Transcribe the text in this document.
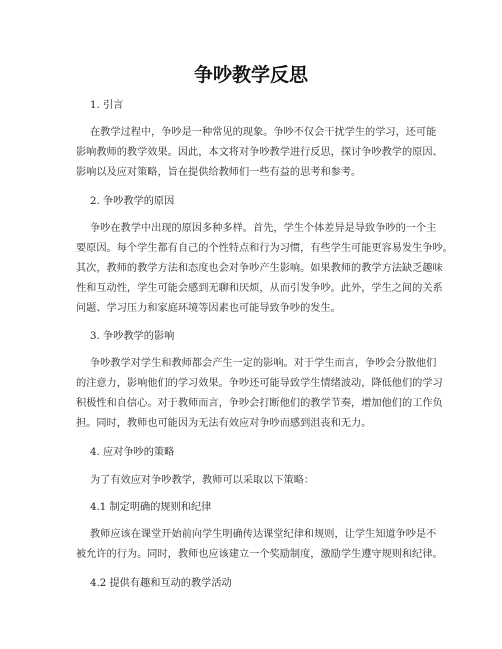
争吵教学反思
1. 引言
在教学过程中，争吵是一种常见的现象。争吵不仅会干扰学生的学习，还可能
影响教师的教学效果。因此，本文将对争吵教学进行反思，探讨争吵教学的原因、
影响以及应对策略，旨在提供给教师们一些有益的思考和参考。
2. 争吵教学的原因
争吵在教学中出现的原因多种多样。首先，学生个体差异是导致争吵的一个主
要原因。每个学生都有自己的个性特点和行为习惯，有些学生可能更容易发生争吵。
其次，教师的教学方法和态度也会对争吵产生影响。如果教师的教学方法缺乏趣味
性和互动性，学生可能会感到无聊和厌烦，从而引发争吵。此外，学生之间的关系
问题、学习压力和家庭环境等因素也可能导致争吵的发生。
3. 争吵教学的影响
争吵教学对学生和教师都会产生一定的影响。对于学生而言，争吵会分散他们
的注意力，影响他们的学习效果。争吵还可能导致学生情绪波动，降低他们的学习
积极性和自信心。对于教师而言，争吵会打断他们的教学节奏，增加他们的工作负
担。同时，教师也可能因为无法有效应对争吵而感到沮丧和无力。
4. 应对争吵的策略
为了有效应对争吵教学，教师可以采取以下策略：
4.1 制定明确的规则和纪律
教师应该在课堂开始前向学生明确传达课堂纪律和规则，让学生知道争吵是不
被允许的行为。同时，教师也应该建立一个奖励制度，激励学生遵守规则和纪律。
4.2 提供有趣和互动的教学活动
